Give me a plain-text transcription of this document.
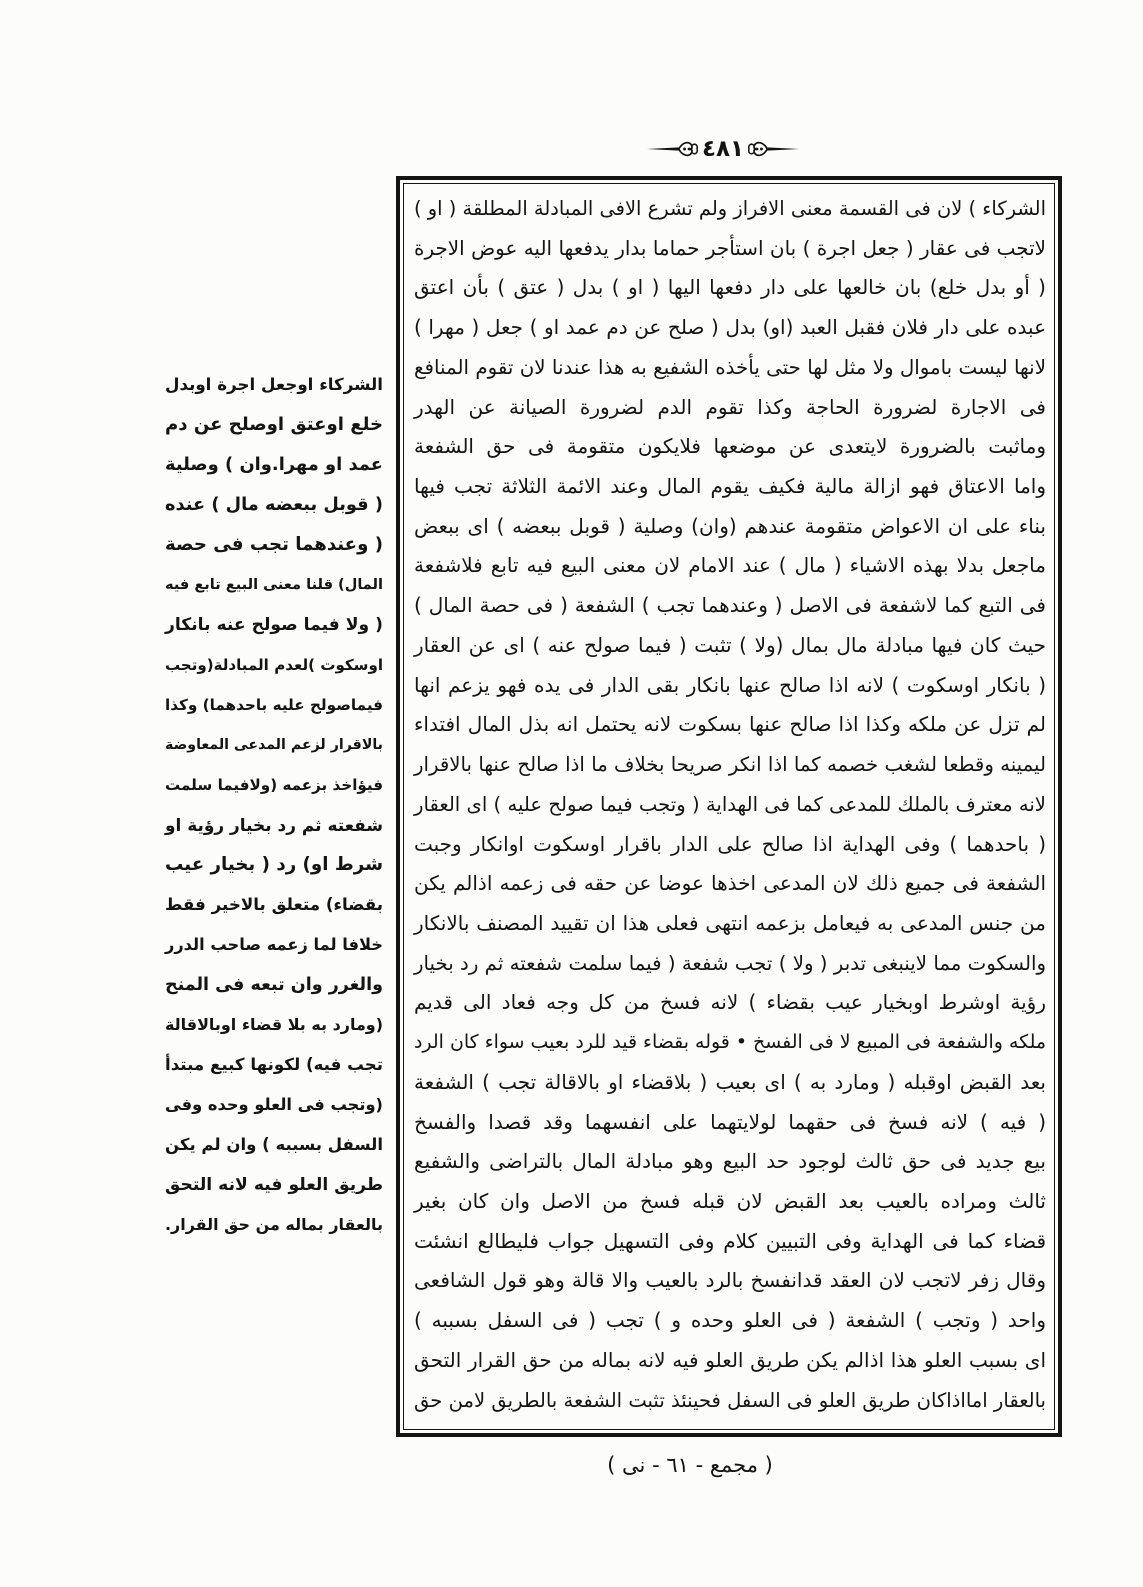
٤٨١
الشركاء ) لان فى القسمة معنى الافراز ولم تشرع الافى المبادلة المطلقة ( او )
لاتجب فى عقار ( جعل اجرة ) بان استأجر حماما بدار يدفعها اليه عوض الاجرة
( أو بدل خلع) بان خالعها على دار دفعها اليها ( او ) بدل ( عتق ) بأن اعتق
عبده على دار فلان فقبل العبد (او) بدل ( صلح عن دم عمد او ) جعل ( مهرا )
لانها ليست باموال ولا مثل لها حتى يأخذه الشفيع به هذا عندنا لان تقوم المنافع
فى الاجارة لضرورة الحاجة وكذا تقوم الدم لضرورة الصيانة عن الهدر
وماثبت بالضرورة لايتعدى عن موضعها فلايكون متقومة فى حق الشفعة
واما الاعتاق فهو ازالة مالية فكيف يقوم المال وعند الائمة الثلاثة تجب فيها
بناء على ان الاعواض متقومة عندهم (وان) وصلية ( قوبل ببعضه ) اى ببعض
ماجعل بدلا بهذه الاشياء ( مال ) عند الامام لان معنى البيع فيه تابع فلاشفعة
فى التبع كما لاشفعة فى الاصل ( وعندهما تجب ) الشفعة ( فى حصة المال )
حيث كان فيها مبادلة مال بمال (ولا ) تثبت ( فيما صولح عنه ) اى عن العقار
( بانكار اوسكوت ) لانه اذا صالح عنها بانكار بقى الدار فى يده فهو يزعم انها
لم تزل عن ملكه وكذا اذا صالح عنها بسكوت لانه يحتمل انه بذل المال افتداء
ليمينه وقطعا لشغب خصمه كما اذا انكر صريحا بخلاف ما اذا صالح عنها بالاقرار
لانه معترف بالملك للمدعى كما فى الهداية ( وتجب فيما صولح عليه ) اى العقار
( باحدهما ) وفى الهداية اذا صالح على الدار باقرار اوسكوت اوانكار وجبت
الشفعة فى جميع ذلك لان المدعى اخذها عوضا عن حقه فى زعمه اذالم يكن
من جنس المدعى به فيعامل بزعمه انتهى فعلى هذا ان تقييد المصنف بالانكار
والسكوت مما لاينبغى تدبر ( ولا ) تجب شفعة ( فيما سلمت شفعته ثم رد بخيار
رؤية اوشرط اوبخيار عيب بقضاء ) لانه فسخ من كل وجه فعاد الى قديم
ملكه والشفعة فى المبيع لا فى الفسخ • قوله بقضاء قيد للرد بعيب سواء كان الرد
بعد القبض اوقبله ( ومارد به ) اى بعيب ( بلاقضاء او بالاقالة تجب ) الشفعة
( فيه ) لانه فسخ فى حقهما لولايتهما على انفسهما وقد قصدا والفسخ
بيع جديد فى حق ثالث لوجود حد البيع وهو مبادلة المال بالتراضى والشفيع
ثالث ومراده بالعيب بعد القبض لان قبله فسخ من الاصل وان كان بغير
قضاء كما فى الهداية وفى التبيين كلام وفى التسهيل جواب فليطالع انشئت
وقال زفر لاتجب لان العقد قدانفسخ بالرد بالعيب والا قالة وهو قول الشافعى
واحد ( وتجب ) الشفعة ( فى العلو وحده و ) تجب ( فى السفل بسببه )
اى بسبب العلو هذا اذالم يكن طريق العلو فيه لانه بماله من حق القرار التحق
بالعقار امااذاكان طريق العلو فى السفل فحينئذ تثبت الشفعة بالطريق لامن حق
الشركاء اوجعل اجرة اوبدل
خلع اوعتق اوصلح عن دم
عمد او مهرا.وان ) وصلية
( قوبل ببعضه مال ) عنده
( وعندهما تجب فى حصة
المال) قلنا معنى البيع تابع فيه
( ولا فيما صولح عنه بانكار
اوسكوت )لعدم المبادلة(وتجب
فيماصولح عليه باحدهما) وكذا
بالاقرار لزعم المدعى المعاوضة
فيؤاخذ بزعمه (ولافيما سلمت
شفعته ثم رد بخيار رؤية او
شرط او) رد ( بخيار عيب
بقضاء) متعلق بالاخير فقط
خلافا لما زعمه صاحب الدرر
والغرر وان تبعه فى المنح
(ومارد به بلا قضاء اوبالاقالة
تجب فيه) لكونها كبيع مبتدأ
(وتجب فى العلو وحده وفى
السفل بسببه ) وان لم يكن
طريق العلو فيه لانه التحق
بالعقار بماله من حق القرار.
( مجمع - ٦١ - نى )
